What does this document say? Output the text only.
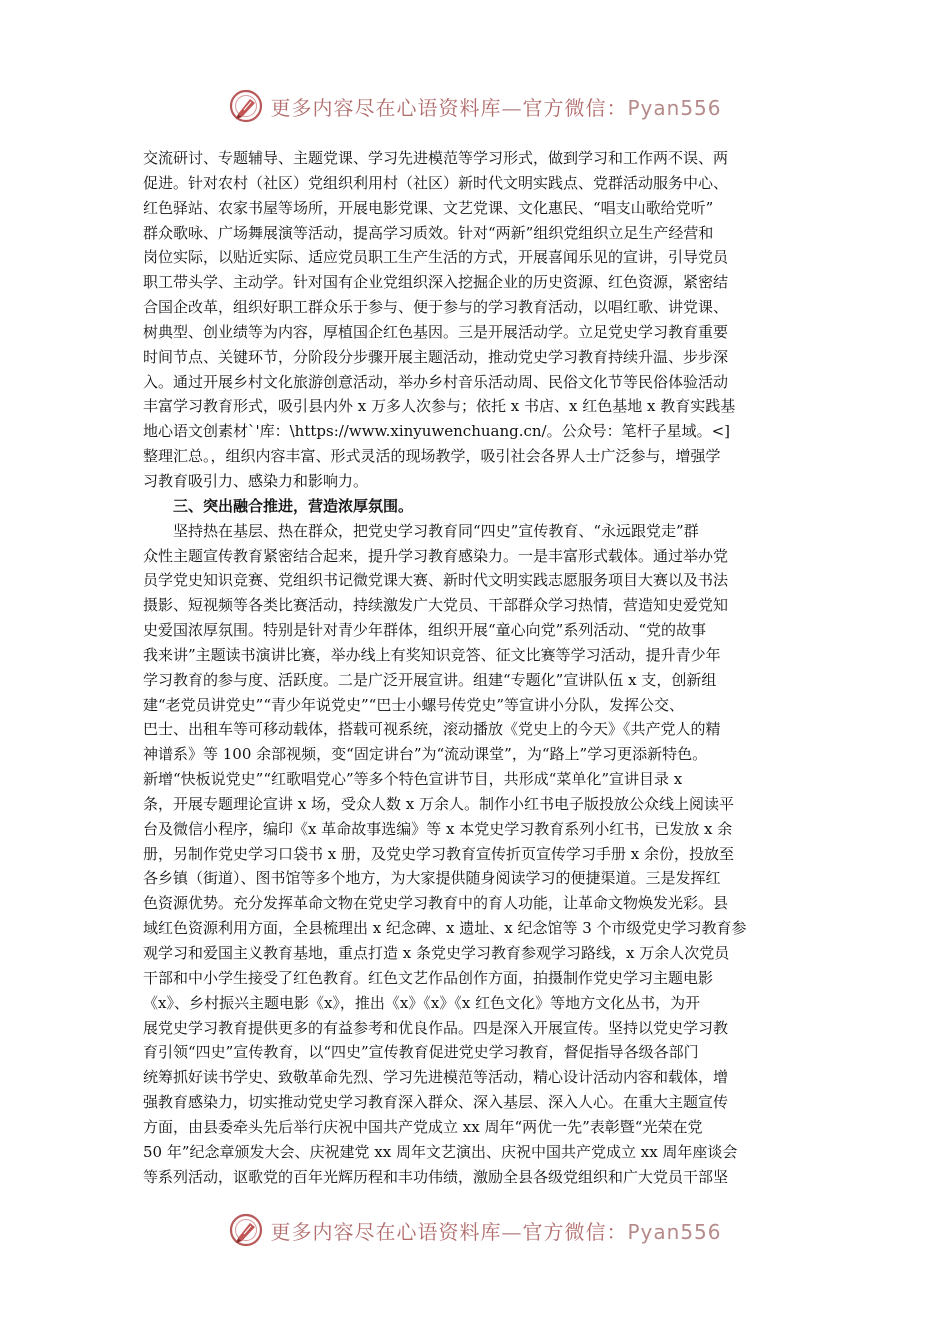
更多内容尽在心语资料库—官方微信：Pyan556
交流研讨、专题辅导、主题党课、学习先进模范等学习形式，做到学习和工作两不误、两
促进。针对农村（社区）党组织利用村（社区）新时代文明实践点、党群活动服务中心、
红色驿站、农家书屋等场所，开展电影党课、文艺党课、文化惠民、“唱支山歌给党听”
群众歌咏、广场舞展演等活动，提高学习质效。针对“两新”组织党组织立足生产经营和
岗位实际，以贴近实际、适应党员职工生产生活的方式，开展喜闻乐见的宣讲，引导党员
职工带头学、主动学。针对国有企业党组织深入挖掘企业的历史资源、红色资源，紧密结
合国企改革，组织好职工群众乐于参与、便于参与的学习教育活动，以唱红歌、讲党课、
树典型、创业绩等为内容，厚植国企红色基因。三是开展活动学。立足党史学习教育重要
时间节点、关键环节，分阶段分步骤开展主题活动，推动党史学习教育持续升温、步步深
入。通过开展乡村文化旅游创意活动，举办乡村音乐活动周、民俗文化节等民俗体验活动
丰富学习教育形式，吸引县内外 x 万多人次参与；依托 x 书店、x 红色基地 x 教育实践基
地心语文创素材`'库：\https://www.xinyuwenchuang.cn/。公众号：笔杆子星域。<]
整理汇总。，组织内容丰富、形式灵活的现场教学，吸引社会各界人士广泛参与，增强学
习教育吸引力、感染力和影响力。
三、突出融合推进，营造浓厚氛围。
坚持热在基层、热在群众，把党史学习教育同“四史”宣传教育、“永远跟党走”群
众性主题宣传教育紧密结合起来，提升学习教育感染力。一是丰富形式载体。通过举办党
员学党史知识竞赛、党组织书记微党课大赛、新时代文明实践志愿服务项目大赛以及书法
摄影、短视频等各类比赛活动，持续激发广大党员、干部群众学习热情，营造知史爱党知
史爱国浓厚氛围。特别是针对青少年群体，组织开展“童心向党”系列活动、“党的故事
我来讲”主题读书演讲比赛，举办线上有奖知识竞答、征文比赛等学习活动，提升青少年
学习教育的参与度、活跃度。二是广泛开展宣讲。组建“专题化”宣讲队伍 x 支，创新组
建“老党员讲党史”“青少年说党史”“巴士小螺号传党史”等宣讲小分队，发挥公交、
巴士、出租车等可移动载体，搭载可视系统，滚动播放《党史上的今天》《共产党人的精
神谱系》等 100 余部视频，变“固定讲台”为“流动课堂”，为“路上”学习更添新特色。
新增“快板说党史”“红歌唱党心”等多个特色宣讲节目，共形成“菜单化”宣讲目录 x
条，开展专题理论宣讲 x 场，受众人数 x 万余人。制作小红书电子版投放公众线上阅读平
台及微信小程序，编印《x 革命故事选编》等 x 本党史学习教育系列小红书，已发放 x 余
册，另制作党史学习口袋书 x 册，及党史学习教育宣传折页宣传学习手册 x 余份，投放至
各乡镇（街道）、图书馆等多个地方，为大家提供随身阅读学习的便捷渠道。三是发挥红
色资源优势。充分发挥革命文物在党史学习教育中的育人功能，让革命文物焕发光彩。县
域红色资源利用方面，全县梳理出 x 纪念碑、x 遗址、x 纪念馆等 3 个市级党史学习教育参
观学习和爱国主义教育基地，重点打造 x 条党史学习教育参观学习路线，x 万余人次党员
干部和中小学生接受了红色教育。红色文艺作品创作方面，拍摄制作党史学习主题电影
《x》、乡村振兴主题电影《x》，推出《x》《x》《x 红色文化》等地方文化丛书，为开
展党史学习教育提供更多的有益参考和优良作品。四是深入开展宣传。坚持以党史学习教
育引领“四史”宣传教育，以“四史”宣传教育促进党史学习教育，督促指导各级各部门
统筹抓好读书学史、致敬革命先烈、学习先进模范等活动，精心设计活动内容和载体，增
强教育感染力，切实推动党史学习教育深入群众、深入基层、深入人心。在重大主题宣传
方面，由县委牵头先后举行庆祝中国共产党成立 xx 周年“两优一先”表彰暨“光荣在党
50 年”纪念章颁发大会、庆祝建党 xx 周年文艺演出、庆祝中国共产党成立 xx 周年座谈会
等系列活动，讴歌党的百年光辉历程和丰功伟绩，激励全县各级党组织和广大党员干部坚
更多内容尽在心语资料库—官方微信：Pyan556
